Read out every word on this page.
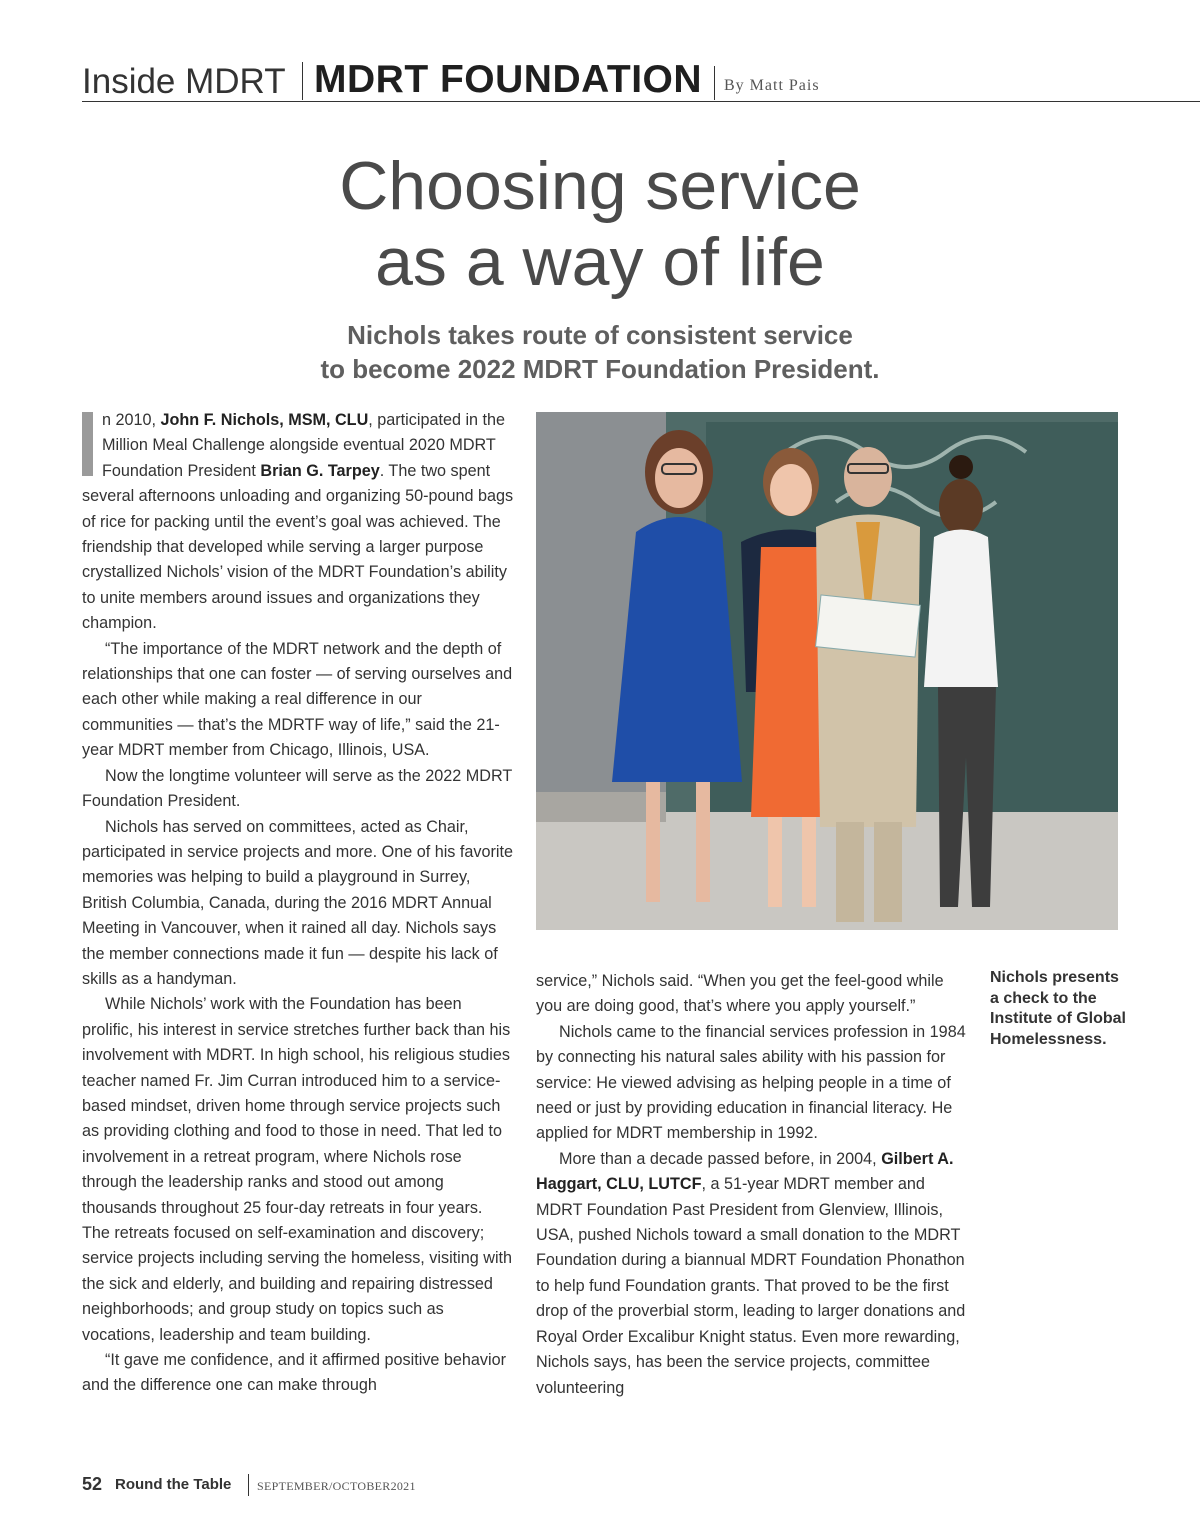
Inside MDRT MDRT FOUNDATION By Matt Pais
Choosing service
as a way of life
Nichols takes route of consistent service
to become 2022 MDRT Foundation President.

n 2010, John F. Nichols, MSM, CLU, participated in the Million Meal Challenge alongside eventual 2020 MDRT Foundation President Brian G. Tarpey. The two spent several afternoons unloading and organizing 50-pound bags of rice for packing until the event’s goal was achieved. The friendship that developed while serving a larger purpose crystallized Nichols’ vision of the MDRT Foundation’s ability to unite members around issues and organizations they champion.

“The importance of the MDRT network and the depth of relationships that one can foster — of serving ourselves and each other while making a real difference in our communities — that’s the MDRTF way of life,” said the 21-year MDRT member from Chicago, Illinois, USA.

Now the longtime volunteer will serve as the 2022 MDRT Foundation President.

Nichols has served on committees, acted as Chair, participated in service projects and more. One of his favorite memories was helping to build a playground in Surrey, British Columbia, Canada, during the 2016 MDRT Annual Meeting in Vancouver, when it rained all day. Nichols says the member connections made it fun — despite his lack of skills as a handyman.

While Nichols’ work with the Foundation has been prolific, his interest in service stretches further back than his involvement with MDRT. In high school, his religious studies teacher named Fr. Jim Curran introduced him to a service-based mindset, driven home through service projects such as providing clothing and food to those in need. That led to involvement in a retreat program, where Nichols rose through the leadership ranks and stood out among thousands throughout 25 four-day retreats in four years. The retreats focused on self-examination and discovery; service projects including serving the homeless, visiting with the sick and elderly, and building and repairing distressed neighborhoods; and group study on topics such as vocations, leadership and team building.

“It gave me confidence, and it affirmed positive behavior and the difference one can make through

service,” Nichols said. “When you get the feel-good while you are doing good, that’s where you apply yourself.”

Nichols came to the financial services profession in 1984 by connecting his natural sales ability with his passion for service: He viewed advising as helping people in a time of need or just by providing education in financial literacy. He applied for MDRT membership in 1992.

More than a decade passed before, in 2004, Gilbert A. Haggart, CLU, LUTCF, a 51-year MDRT member and MDRT Foundation Past President from Glenview, Illinois, USA, pushed Nichols toward a small donation to the MDRT Foundation during a biannual MDRT Foundation Phonathon to help fund Foundation grants. That proved to be the first drop of the proverbial storm, leading to larger donations and Royal Order Excalibur Knight status. Even more rewarding, Nichols says, has been the service projects, committee volunteering

Nichols presents a check to the Institute of Global Homelessness.
52 Round the Table SEPTEMBER/OCTOBER2021
